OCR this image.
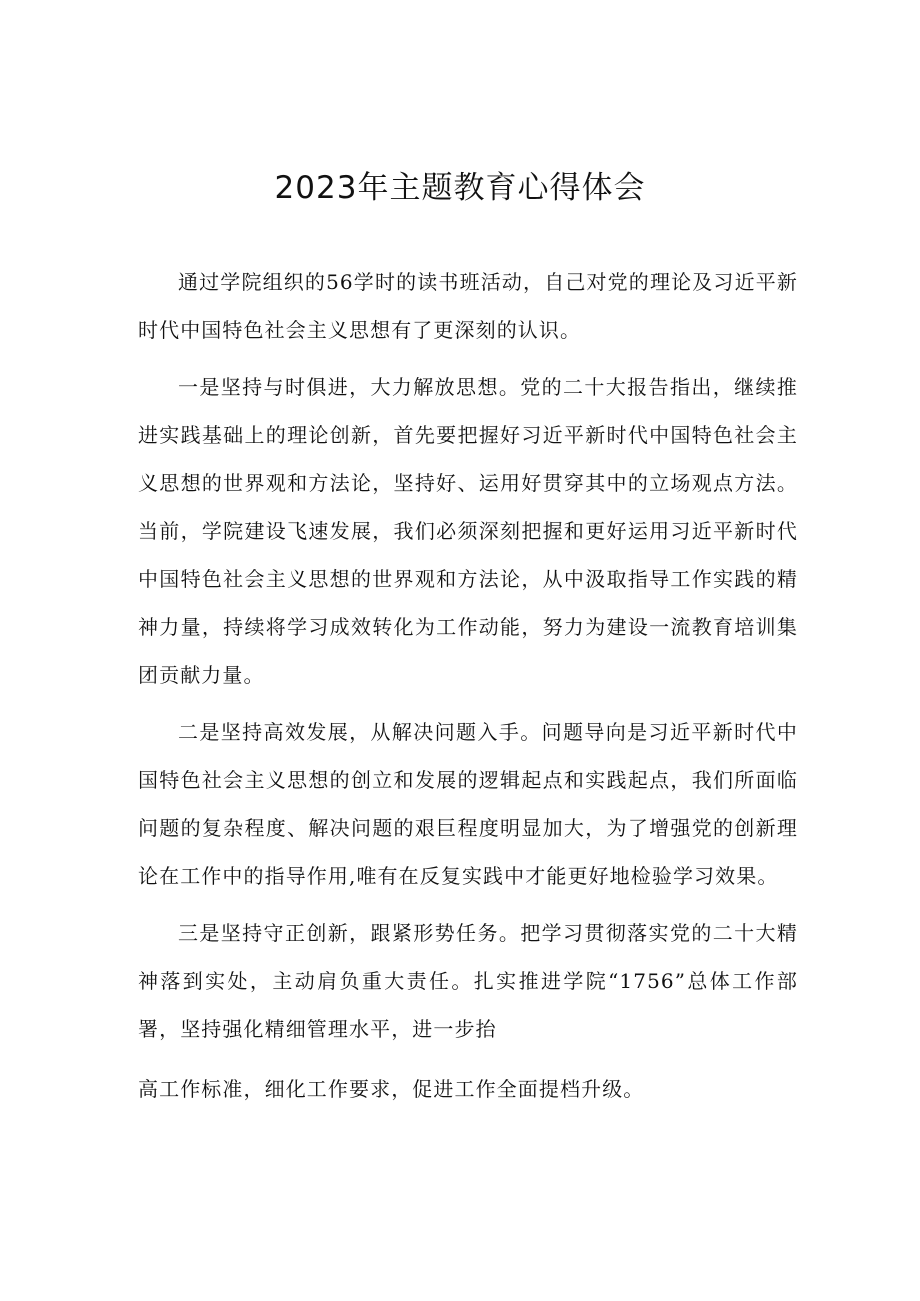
2023年主题教育心得体会

通过学院组织的56学时的读书班活动，自己对党的理论及习近平新时代中国特色社会主义思想有了更深刻的认识。

一是坚持与时俱进，大力解放思想。党的二十大报告指出，继续推进实践基础上的理论创新，首先要把握好习近平新时代中国特色社会主义思想的世界观和方法论，坚持好、运用好贯穿其中的立场观点方法。当前，学院建设飞速发展，我们必须深刻把握和更好运用习近平新时代中国特色社会主义思想的世界观和方法论，从中汲取指导工作实践的精神力量，持续将学习成效转化为工作动能，努力为建设一流教育培训集团贡献力量。

二是坚持高效发展，从解决问题入手。问题导向是习近平新时代中国特色社会主义思想的创立和发展的逻辑起点和实践起点，我们所面临问题的复杂程度、解决问题的艰巨程度明显加大，为了增强党的创新理论在工作中的指导作用,唯有在反复实践中才能更好地检验学习效果。

三是坚持守正创新，跟紧形势任务。把学习贯彻落实党的二十大精神落到实处，主动肩负重大责任。扎实推进学院“1756”总体工作部署，坚持强化精细管理水平，进一步抬

高工作标准，细化工作要求，促进工作全面提档升级。
